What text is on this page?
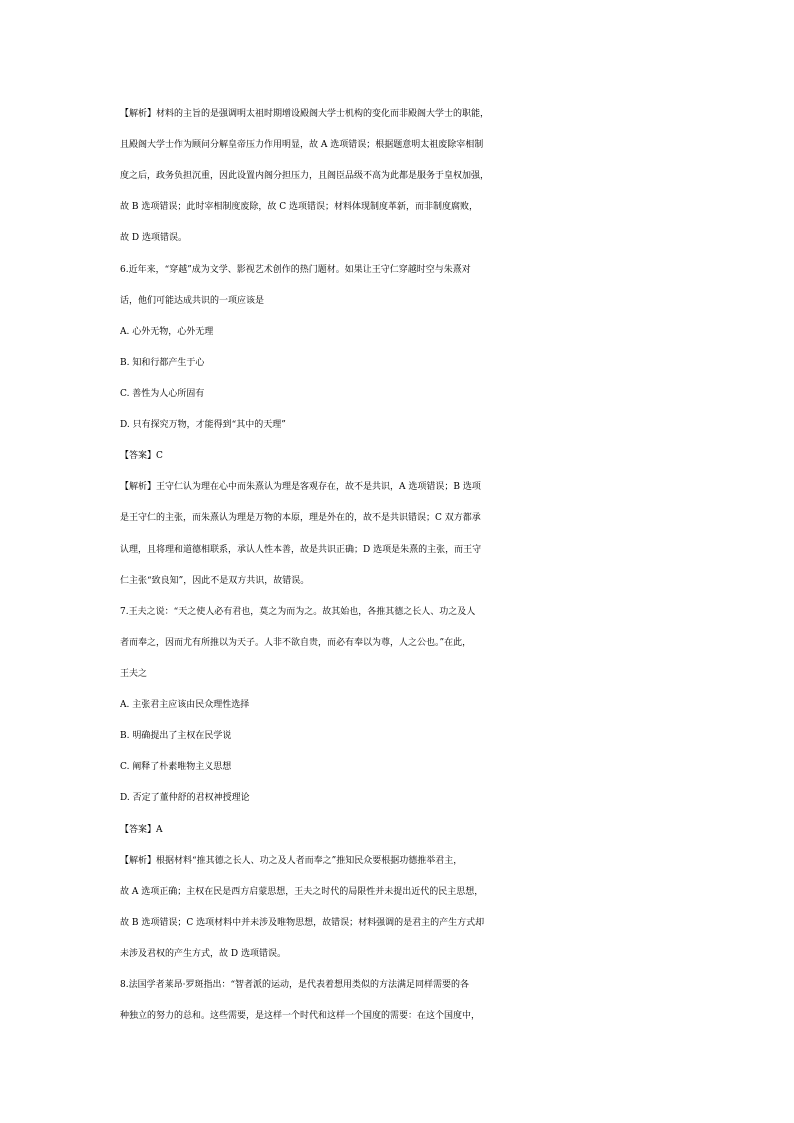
【解析】材料的主旨的是强调明太祖时期增设殿阁大学士机构的变化而非殿阁大学士的职能，
且殿阁大学士作为顾问分解皇帝压力作用明显，故 A 选项错误；根据题意明太祖废除宰相制
度之后，政务负担沉重，因此设置内阁分担压力，且阁臣品级不高为此都是服务于皇权加强，
故 B 选项错误；此时宰相制度废除，故 C 选项错误；材料体现制度革新，而非制度腐败，
故 D 选项错误。
6.近年来，“穿越”成为文学、影视艺术创作的热门题材。如果让王守仁穿越时空与朱熹对
话，他们可能达成共识的一项应该是
A. 心外无物，心外无理
B. 知和行都产生于心
C. 善性为人心所固有
D. 只有探究万物，才能得到“其中的天理”
【答案】C
【解析】王守仁认为理在心中而朱熹认为理是客观存在，故不是共识，A 选项错误；B 选项
是王守仁的主张，而朱熹认为理是万物的本原，理是外在的，故不是共识错误；C 双方都承
认理，且将理和道德相联系，承认人性本善，故是共识正确；D 选项是朱熹的主张，而王守
仁主张“致良知”，因此不是双方共识，故错误。
7.王夫之说：“天之使人必有君也，莫之为而为之。故其始也，各推其德之长人、功之及人
者而奉之，因而尤有所推以为天子。人非不欲自贵，而必有奉以为尊，人之公也。”在此，
王夫之
A. 主张君主应该由民众理性选择
B. 明确提出了主权在民学说
C. 阐释了朴素唯物主义思想
D. 否定了董仲舒的君权神授理论
【答案】A
【解析】根据材料“推其德之长人、功之及人者而奉之”推知民众要根据功德推举君主，
故 A 选项正确；主权在民是西方启蒙思想，王夫之时代的局限性并未提出近代的民主思想，
故 B 选项错误；C 选项材料中并未涉及唯物思想，故错误；材料强调的是君主的产生方式却
未涉及君权的产生方式，故 D 选项错误。
8.法国学者莱昂·罗斑指出：“智者派的运动，是代表着想用类似的方法满足同样需要的各
种独立的努力的总和。这些需要，是这样一个时代和这样一个国度的需要：在这个国度中，
